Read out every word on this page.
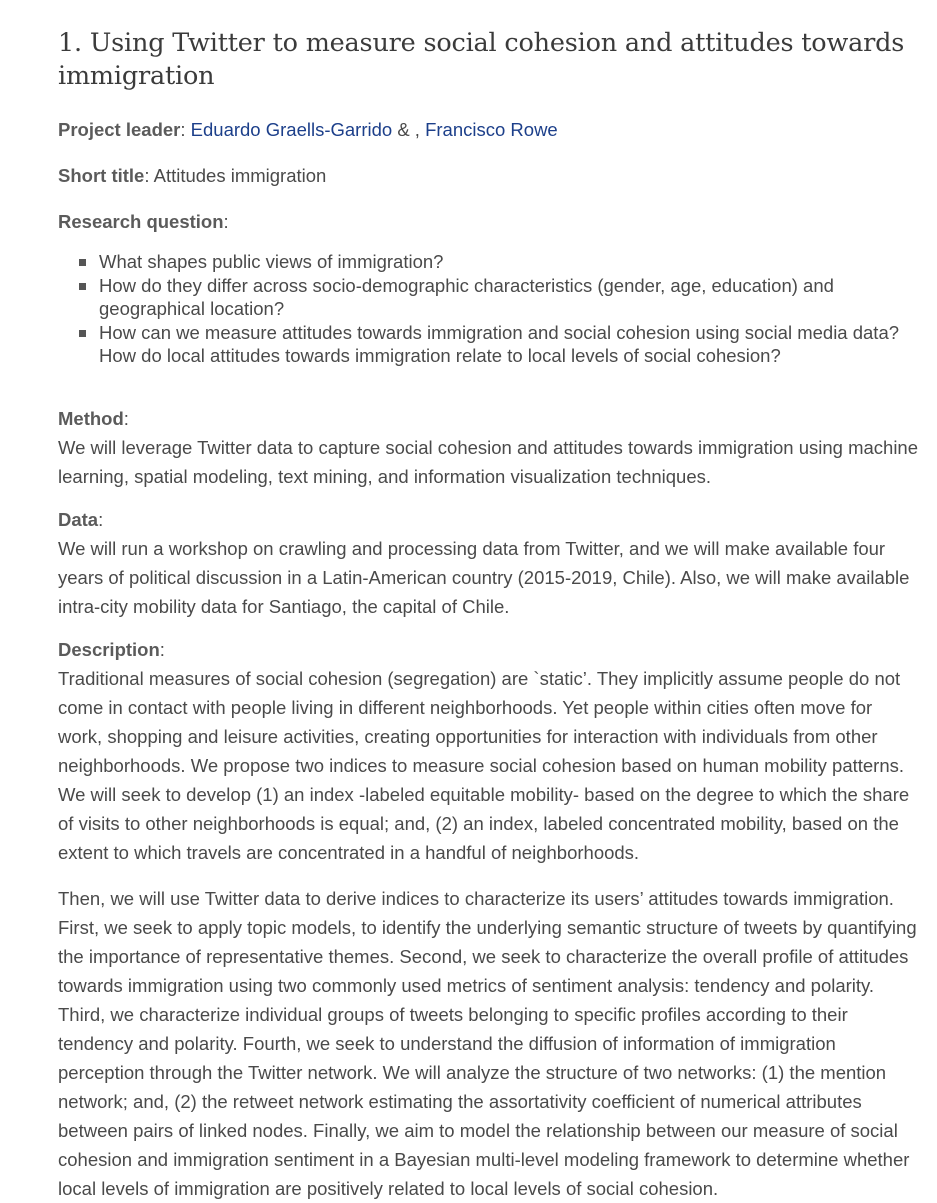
1. Using Twitter to measure social cohesion and attitudes towards immigration

Project leader: Eduardo Graells-Garrido & , Francisco Rowe

Short title: Attitudes immigration

Research question:

What shapes public views of immigration?
How do they differ across socio-demographic characteristics (gender, age, education) and geographical location?
How can we measure attitudes towards immigration and social cohesion using social media data? How do local attitudes towards immigration relate to local levels of social cohesion?

Method:

We will leverage Twitter data to capture social cohesion and attitudes towards immigration using machine learning, spatial modeling, text mining, and information visualization techniques.

Data:

We will run a workshop on crawling and processing data from Twitter, and we will make available four years of political discussion in a Latin-American country (2015-2019, Chile). Also, we will make available intra-city mobility data for Santiago, the capital of Chile.

Description:

Traditional measures of social cohesion (segregation) are `static’. They implicitly assume people do not come in contact with people living in different neighborhoods. Yet people within cities often move for work, shopping and leisure activities, creating opportunities for interaction with individuals from other neighborhoods. We propose two indices to measure social cohesion based on human mobility patterns. We will seek to develop (1) an index -labeled equitable mobility- based on the degree to which the share of visits to other neighborhoods is equal; and, (2) an index, labeled concentrated mobility, based on the extent to which travels are concentrated in a handful of neighborhoods.

Then, we will use Twitter data to derive indices to characterize its users’ attitudes towards immigration. First, we seek to apply topic models, to identify the underlying semantic structure of tweets by quantifying the importance of representative themes. Second, we seek to characterize the overall profile of attitudes towards immigration using two commonly used metrics of sentiment analysis: tendency and polarity. Third, we characterize individual groups of tweets belonging to specific profiles according to their tendency and polarity. Fourth, we seek to understand the diffusion of information of immigration perception through the Twitter network. We will analyze the structure of two networks: (1) the mention network; and, (2) the retweet network estimating the assortativity coefficient of numerical attributes between pairs of linked nodes. Finally, we aim to model the relationship between our measure of social cohesion and immigration sentiment in a Bayesian multi-level modeling framework to determine whether local levels of immigration are positively related to local levels of social cohesion.
